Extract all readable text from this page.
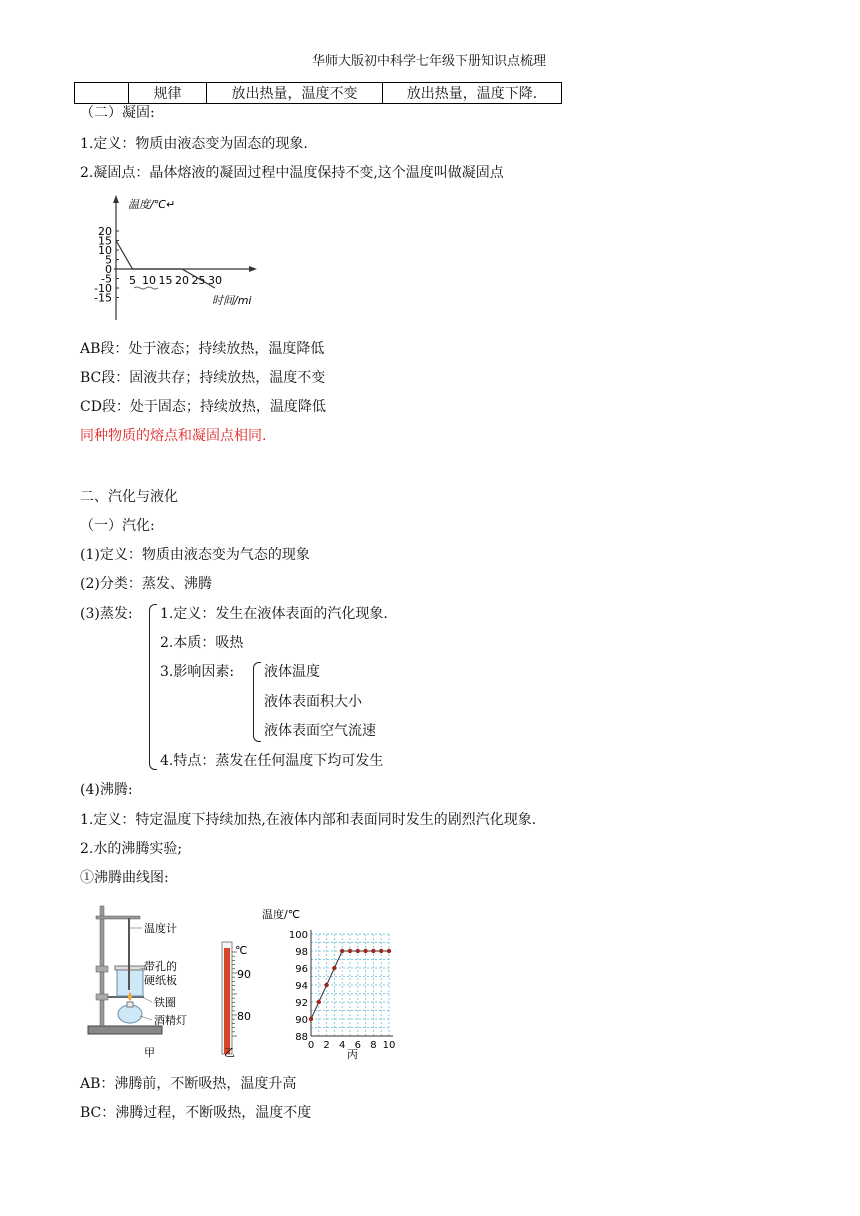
华师大版初中科学七年级下册知识点梳理
	规律	放出热量，温度不变	放出热量，温度下降.
（二）凝固:
1.定义：物质由液态变为固态的现象.
2.凝固点：晶体熔液的凝固过程中温度保持不变,这个温度叫做凝固点
温度/℃↵
时间/mi
20
15
10
5
0
-5
-10
-15
5 10 15 20 25 30
AB段：处于液态；持续放热，温度降低
BC段：固液共存；持续放热，温度不变
CD段：处于固态；持续放热，温度降低
同种物质的熔点和凝固点相同.
二、汽化与液化
（一）汽化:
(1)定义：物质由液态变为气态的现象
(2)分类：蒸发、沸腾
(3)蒸发: 1.定义：发生在液体表面的汽化现象.
2.本质：吸热
3.影响因素: 液体温度
液体表面积大小
液体表面空气流速
4.特点：蒸发在任何温度下均可发生
(4)沸腾:
1.定义：特定温度下持续加热,在液体内部和表面同时发生的剧烈汽化现象.
2.水的沸腾实验;
①沸腾曲线图:
温度计
带孔的
硬纸板
铁圈
酒精灯
甲
℃
90
80
乙
温度/℃
100
98
96
94
92
90
88
0 2 4 6 8 10
丙
AB：沸腾前，不断吸热，温度升高
BC：沸腾过程，不断吸热，温度不度
